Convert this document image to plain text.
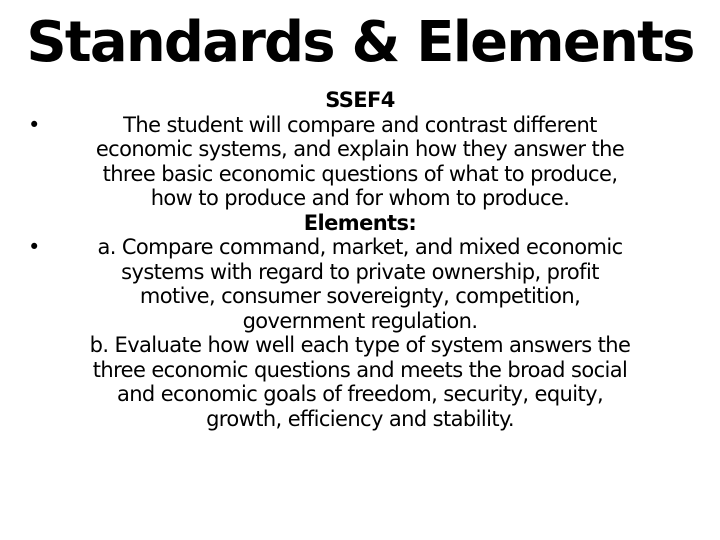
Standards & Elements
SSEF4
•	The student will compare and contrast different
economic systems, and explain how they answer the
three basic economic questions of what to produce,
how to produce and for whom to produce.
Elements:
•	a. Compare command, market, and mixed economic
systems with regard to private ownership, profit
motive, consumer sovereignty, competition,
government regulation.
b. Evaluate how well each type of system answers the
three economic questions and meets the broad social
and economic goals of freedom, security, equity,
growth, efficiency and stability.
